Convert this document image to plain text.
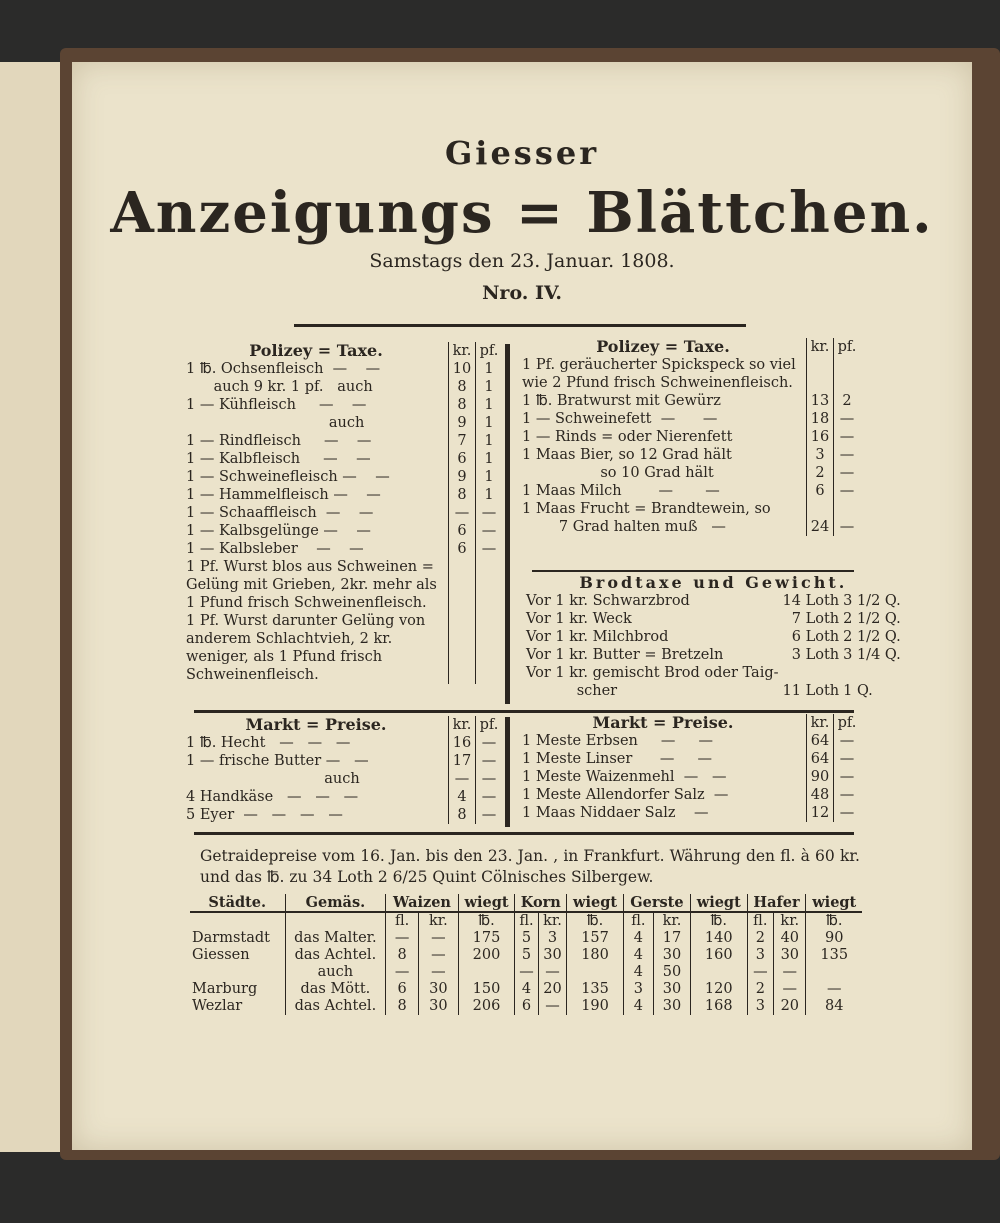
Giesser
Anzeigungs = Blättchen.
Samstags den 23. Januar. 1808.
Nro. IV.
Polizey = Taxe.	kr.	pf.
1 ℔. Ochsenfleisch  —    —	10	1
auch 9 kr. 1 pf.   auch	8	1
1 — Kühfleisch     —    —	8	1
auch	9	1
1 — Rindfleisch     —    —	7	1
1 — Kalbfleisch     —    —	6	1
1 — Schweinefleisch —    —	9	1
1 — Hammelfleisch —    —	8	1
1 — Schaaffleisch  —    —	—	—
1 — Kalbsgelünge —    —	6	—
1 — Kalbsleber    —    —	6	—
1 Pf. Wurst blos aus Schweinen = Gelüng mit Grieben, 2kr. mehr als 1 Pfund frisch Schweinenfleisch.		
1 Pf. Wurst darunter Gelüng von anderem Schlachtvieh, 2 kr. weniger, als 1 Pfund frisch Schweinenfleisch.		
Polizey = Taxe.	kr.	pf.
1 Pf. geräucherter Spickspeck so viel wie 2 Pfund frisch Schweinenfleisch.		
1 ℔. Bratwurst mit Gewürz	13	2
1 — Schweinefett  —      —	18	—
1 — Rinds = oder Nierenfett	16	—
1 Maas Bier, so 12 Grad hält	3	—
so 10 Grad hält	2	—
1 Maas Milch        —       —	6	—
1 Maas Frucht = Brandtewein, so		
7 Grad halten muß   —	24	—
Brodtaxe und Gewicht.		
Vor 1 kr. Schwarzbrod	14 Loth	3 1/2 Q.
Vor 1 kr. Weck	7 Loth	2 1/2 Q.
Vor 1 kr. Milchbrod	6 Loth	2 1/2 Q.
Vor 1 kr. Butter = Bretzeln	3 Loth	3 1/4 Q.
Vor 1 kr. gemischt Brod oder Taig-		
scher	11 Loth	1 Q.
Markt = Preise.	kr.	pf.
1 ℔. Hecht   —   —   —	16	—
1 — frische Butter —   —	17	—
auch	—	—
4 Handkäse   —   —   —	4	—
5 Eyer  —   —   —   —	8	—
Markt = Preise.	kr.	pf.
1 Meste Erbsen     —     —	64	—
1 Meste Linser      —     —	64	—
1 Meste Waizenmehl  —   —	90	—
1 Meste Allendorfer Salz  —	48	—
1 Maas Niddaer Salz    —	12	—
Getraidepreise vom 16. Jan. bis den 23. Jan. , in Frankfurt. Währung den fl. à 60 kr. und das ℔. zu 34 Loth 2 6/25 Quint Cölnisches Silbergew.
Städte.	Gemäs.	Waizen		wiegt	Korn		wiegt	Gerste		wiegt	Hafer		wiegt
		fl.	kr.	℔.	fl.	kr.	℔.	fl.	kr.	℔.	fl.	kr.	℔.
Darmstadt	das Malter.	—	—	175	5	3	157	4	17	140	2	40	90
Giessen	das Achtel.	8	—	200	5	30	180	4	30	160	3	30	135
	auch	—	—		—	—		4	50		—	—	
Marburg	das Mött.	6	30	150	4	20	135	3	30	120	2	—	—
Wezlar	das Achtel.	8	30	206	6	—	190	4	30	168	3	20	84
